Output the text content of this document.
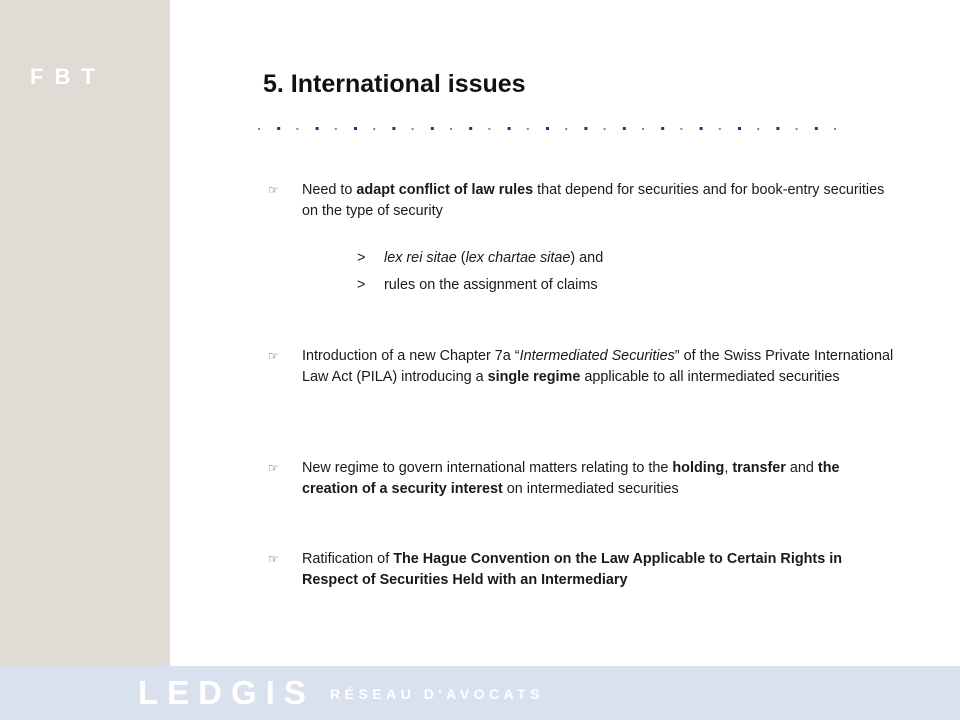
FBT	5. International issues
☞ Need to adapt conflict of law rules that depend for securities and for book-entry securities on the type of security
> lex rei sitae (lex chartae sitae) and
> rules on the assignment of claims
☞ Introduction of a new Chapter 7a “Intermediated Securities” of the Swiss Private International Law Act (PILA) introducing a single regime applicable to all intermediated securities
☞ New regime to govern international matters relating to the holding, transfer and the creation of a security interest on intermediated securities
☞ Ratification of The Hague Convention on the Law Applicable to Certain Rights in Respect of Securities Held with an Intermediary
LEDGIS RÉSEAU D'AVOCATS
